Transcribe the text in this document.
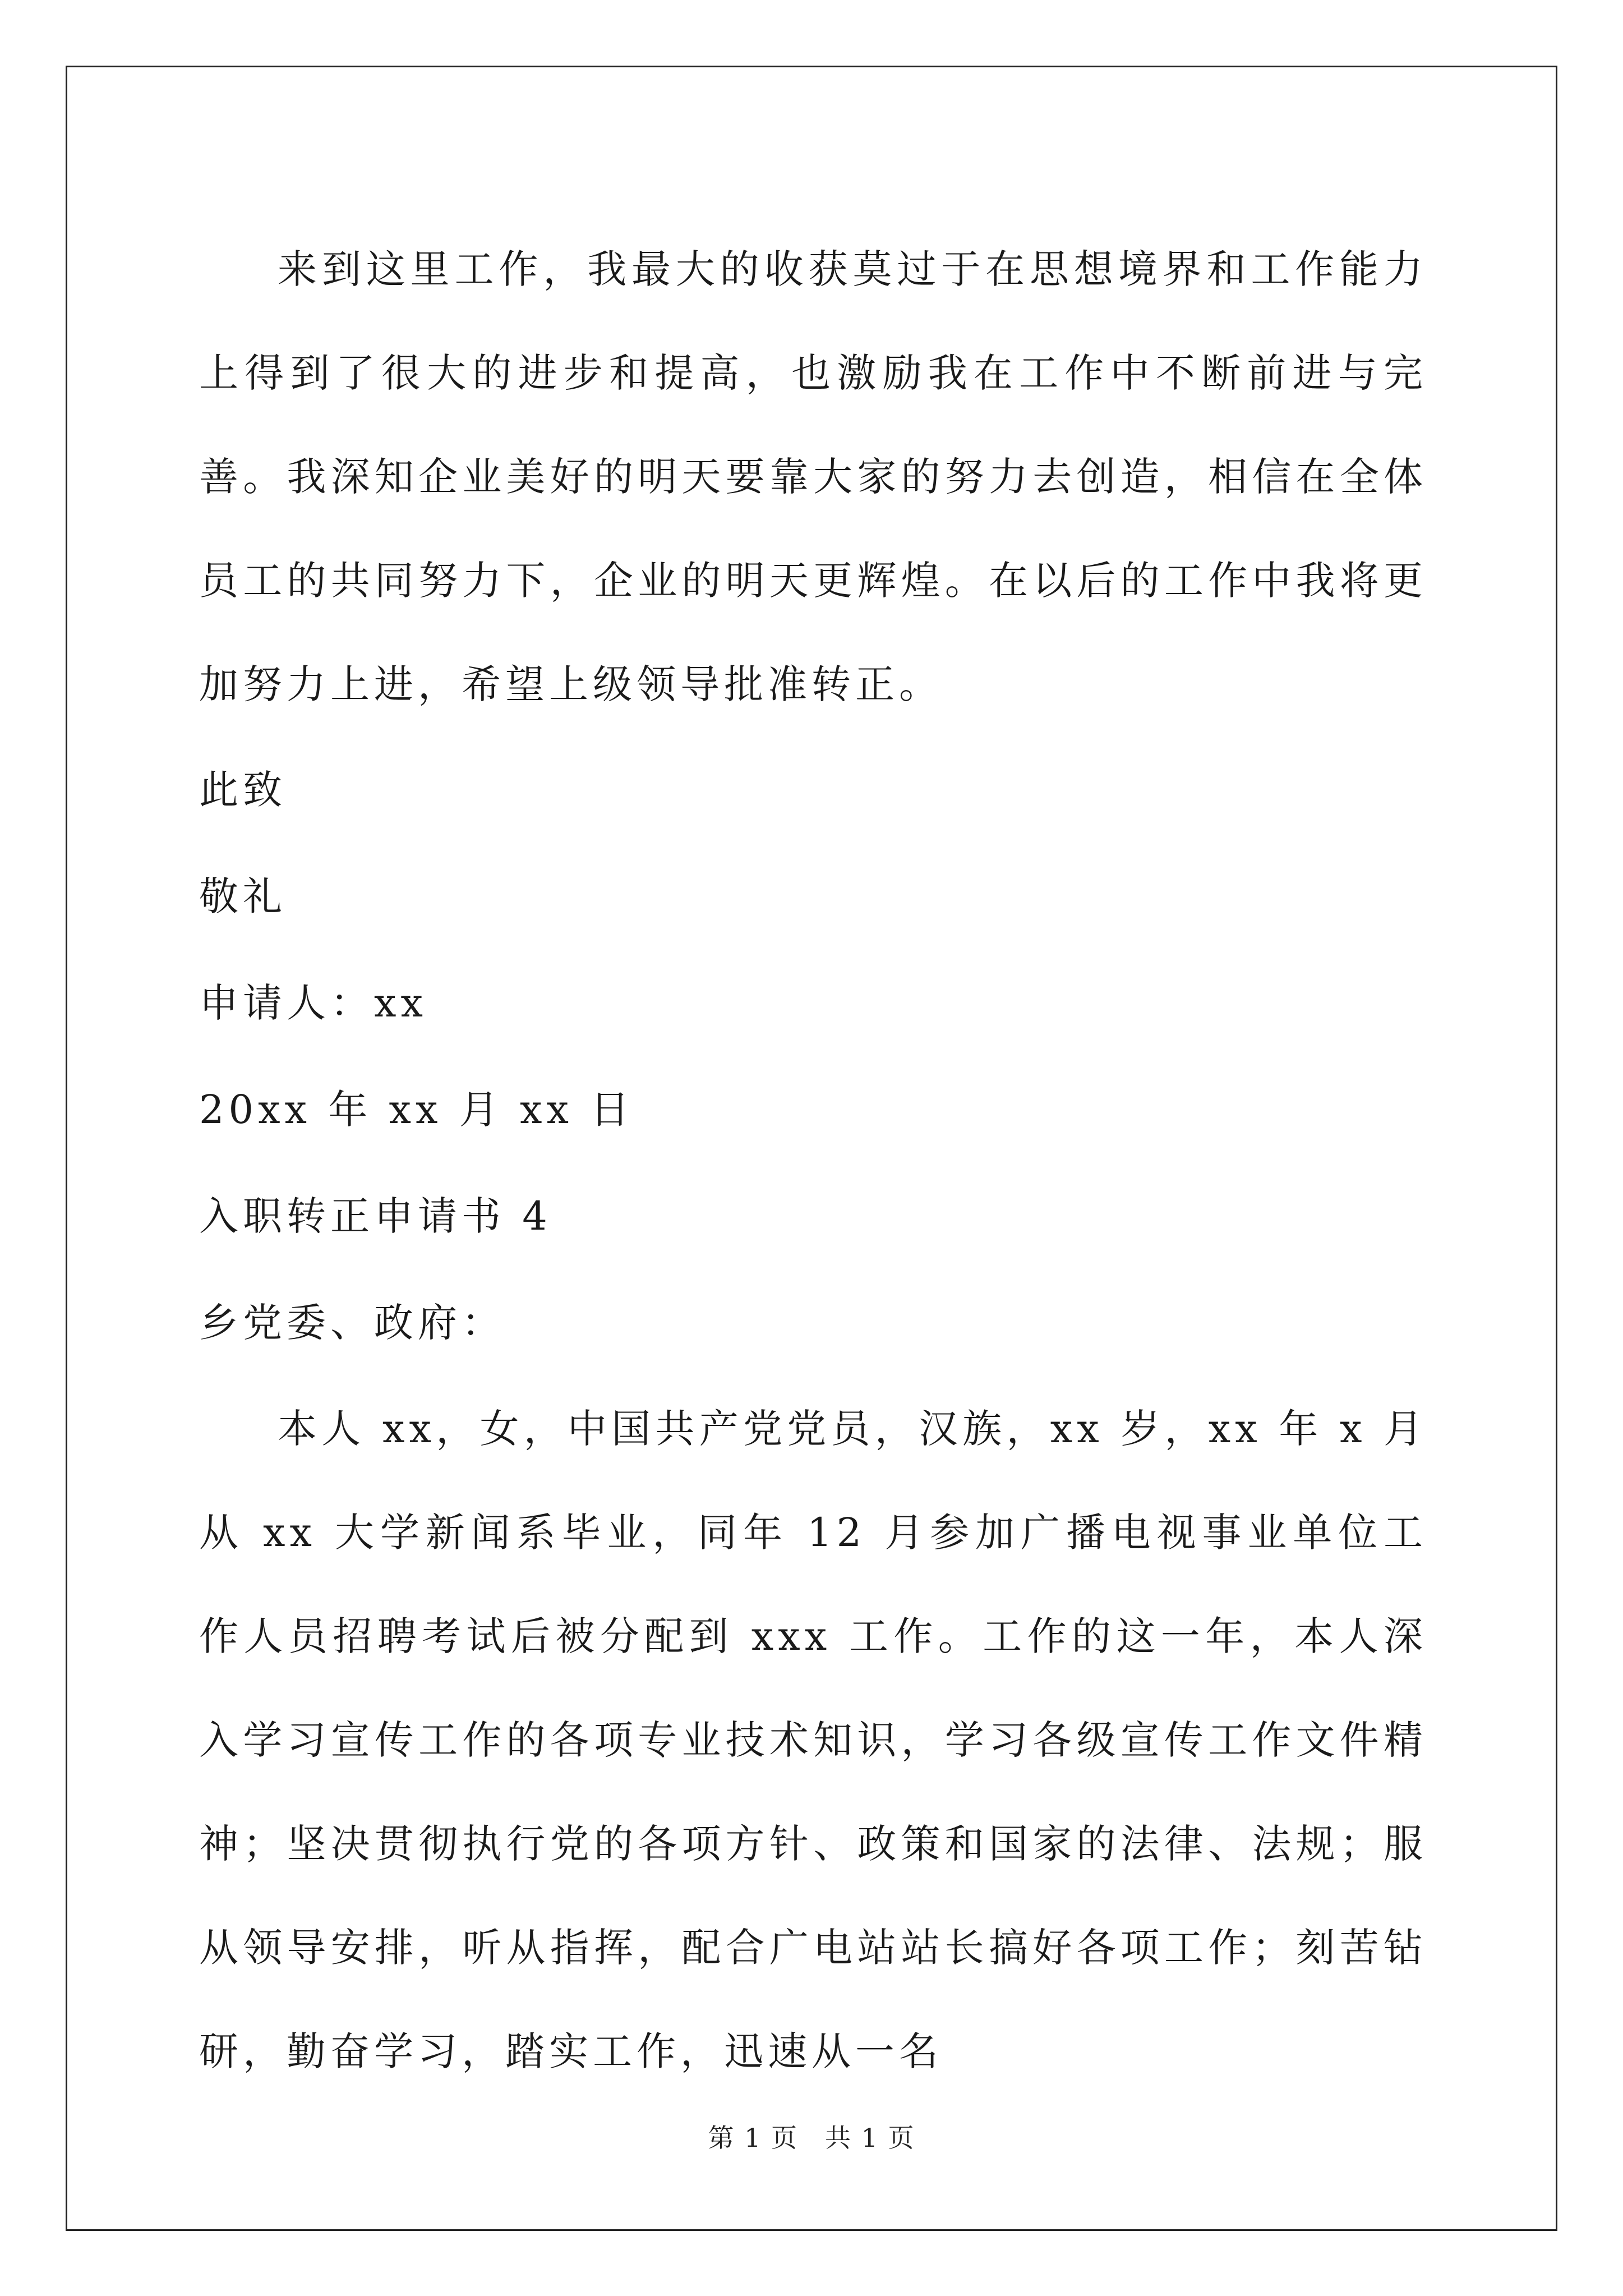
来到这里工作，我最大的收获莫过于在思想境界和工作能力上得到了很大的进步和提高，也激励我在工作中不断前进与完善。我深知企业美好的明天要靠大家的努力去创造，相信在全体员工的共同努力下，企业的明天更辉煌。在以后的工作中我将更加努力上进，希望上级领导批准转正。

此致

敬礼

申请人：xx

20xx 年 xx 月 xx 日

入职转正申请书 4

乡党委、政府：

本人 xx，女，中国共产党党员，汉族，xx 岁，xx 年 x 月从 xx 大学新闻系毕业，同年 12 月参加广播电视事业单位工作人员招聘考试后被分配到 xxx 工作。工作的这一年，本人深入学习宣传工作的各项专业技术知识，学习各级宣传工作文件精神；坚决贯彻执行党的各项方针、政策和国家的法律、法规；服从领导安排，听从指挥，配合广电站站长搞好各项工作；刻苦钻研，勤奋学习，踏实工作，迅速从一名

第 1 页　共 1 页
